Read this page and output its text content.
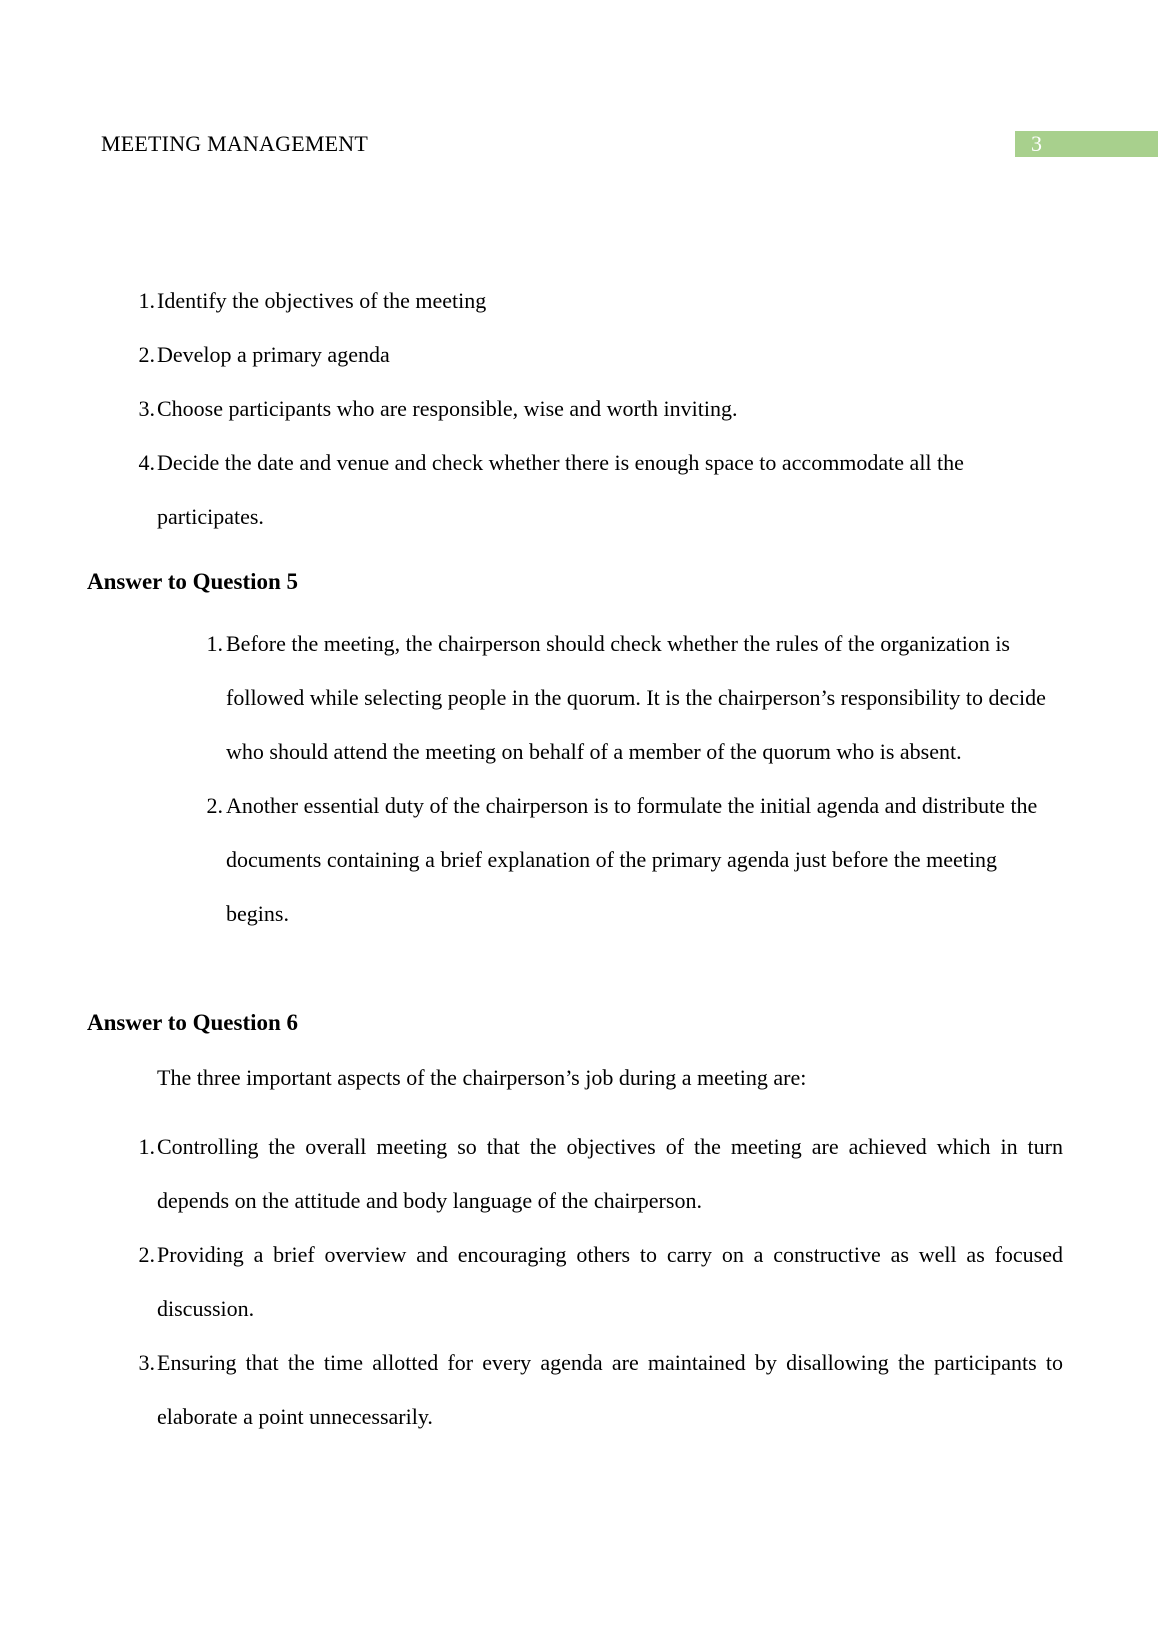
MEETING MANAGEMENT	3
1. Identify the objectives of the meeting
2. Develop a primary agenda
3. Choose participants who are responsible, wise and worth inviting.
4. Decide the date and venue and check whether there is enough space to accommodate all the participates.
Answer to Question 5
1. Before the meeting, the chairperson should check whether the rules of the organization is followed while selecting people in the quorum. It is the chairperson’s responsibility to decide who should attend the meeting on behalf of a member of the quorum who is absent.
2. Another essential duty of the chairperson is to formulate the initial agenda and distribute the documents containing a brief explanation of the primary agenda just before the meeting begins.
Answer to Question 6
The three important aspects of the chairperson’s job during a meeting are:
1. Controlling the overall meeting so that the objectives of the meeting are achieved which in turn depends on the attitude and body language of the chairperson.
2. Providing a brief overview and encouraging others to carry on a constructive as well as focused discussion.
3. Ensuring that the time allotted for every agenda are maintained by disallowing the participants to elaborate a point unnecessarily.
